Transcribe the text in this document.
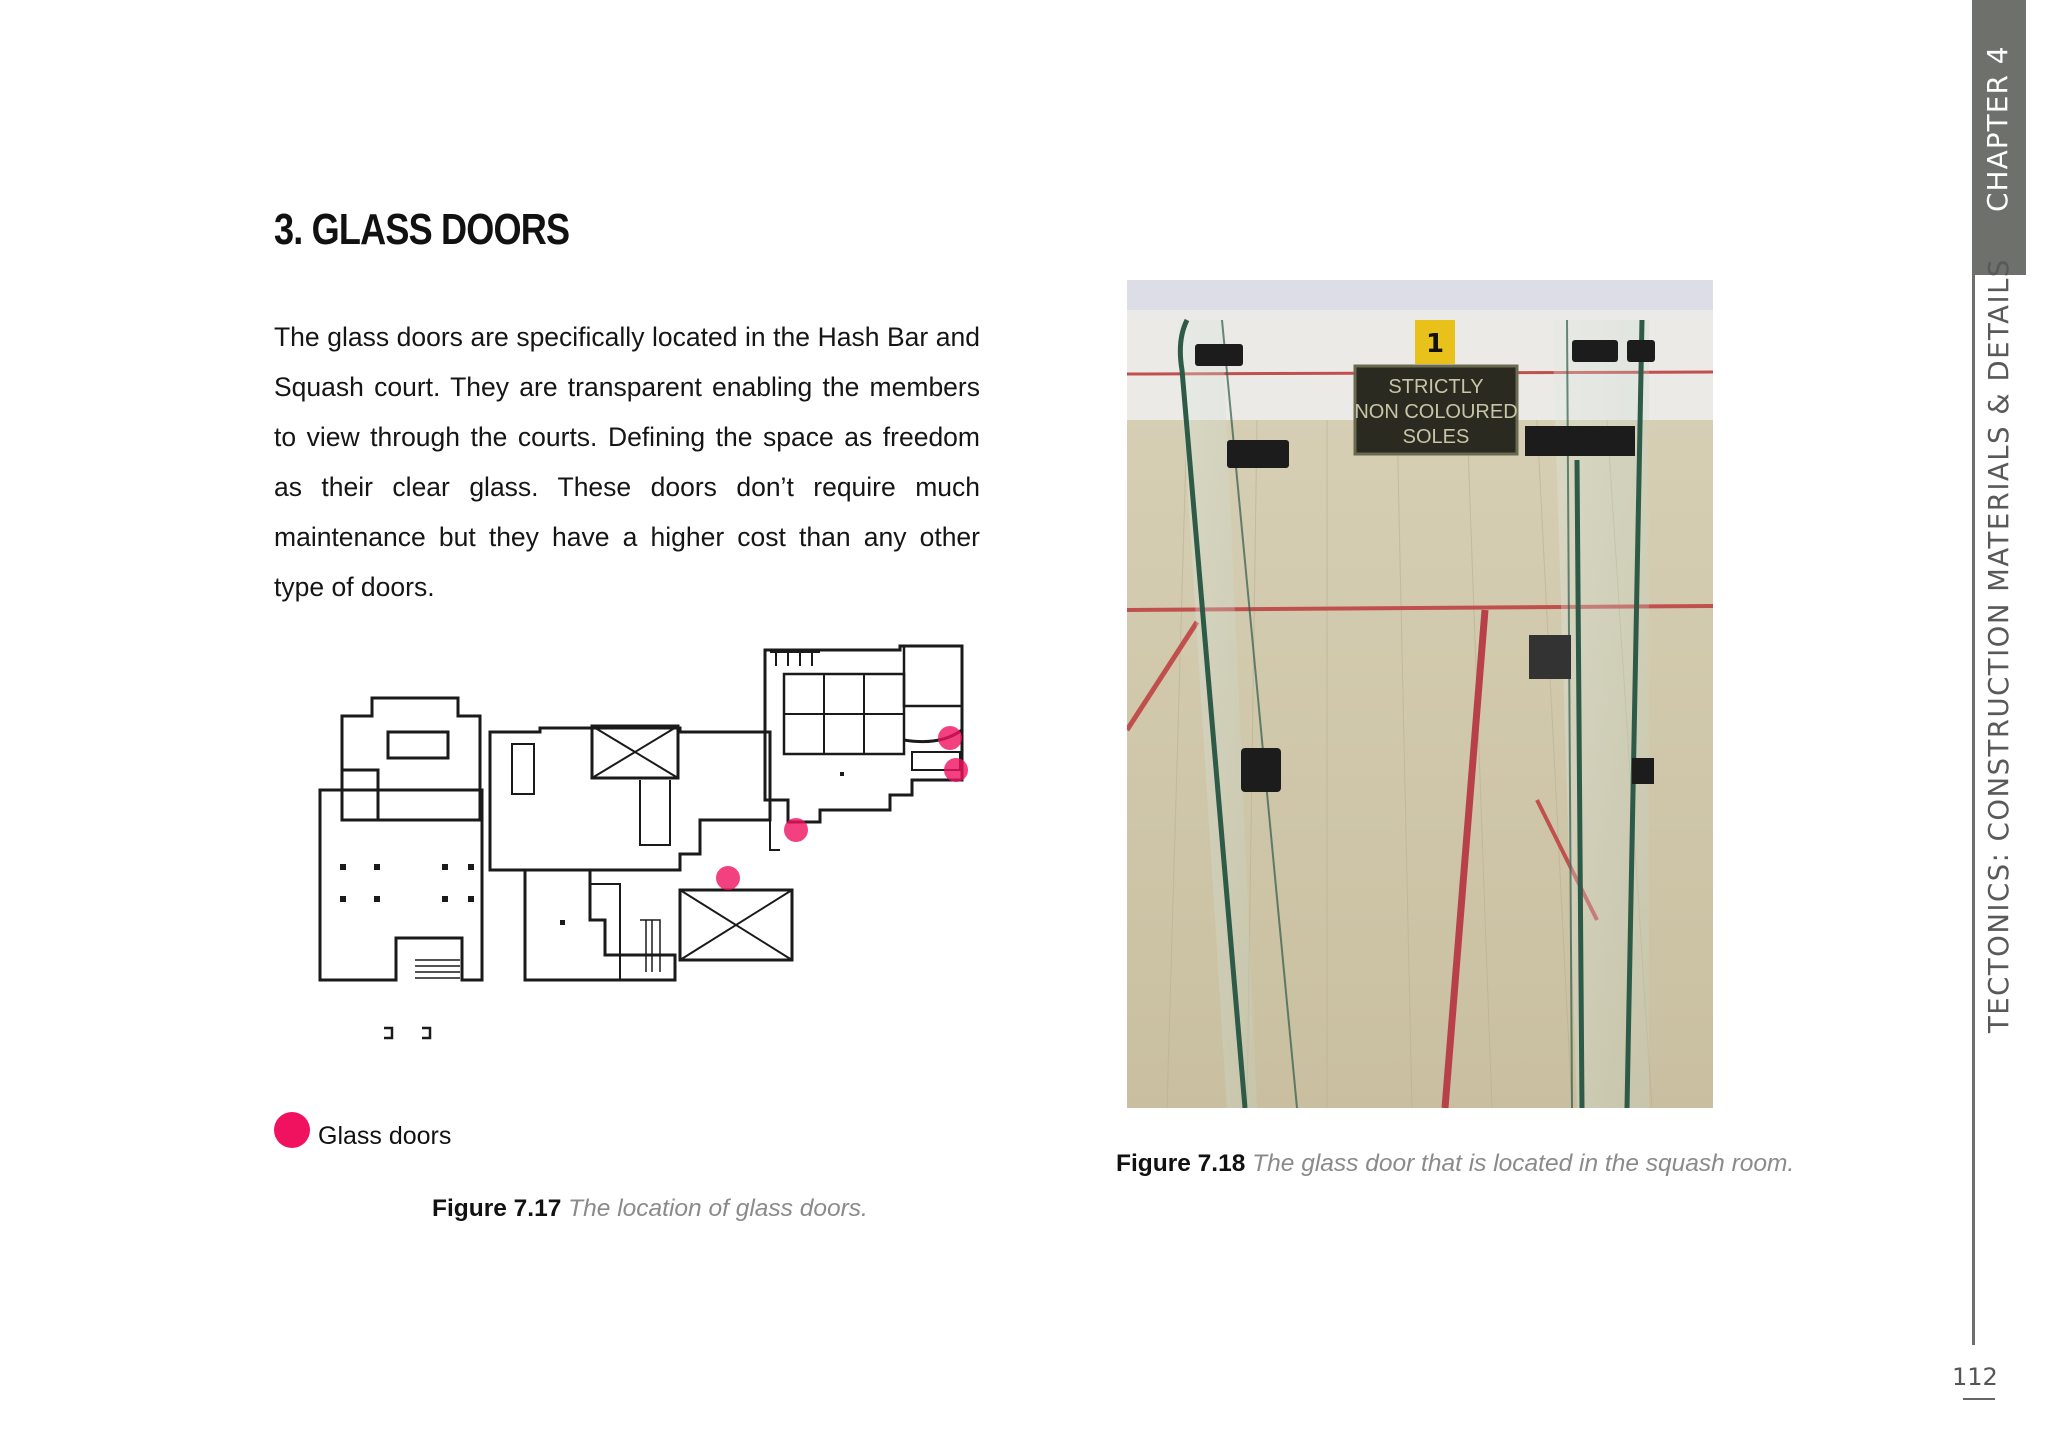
3. GLASS DOORS

The glass doors are specifically located in the Hash Bar and Squash court. They are transparent enabling the members to view through the courts. Defining the space as freedom as their clear glass. These doors don’t require much maintenance but they have a higher cost than any other type of doors.

Glass doors
Figure 7.17 The location of glass doors.
1
STRICTLY
NON COLOURED
SOLES
Figure 7.18 The glass door that is located in the squash room.
CHAPTER 4
TECTONICS: CONSTRUCTION MATERIALS & DETAILS
112
